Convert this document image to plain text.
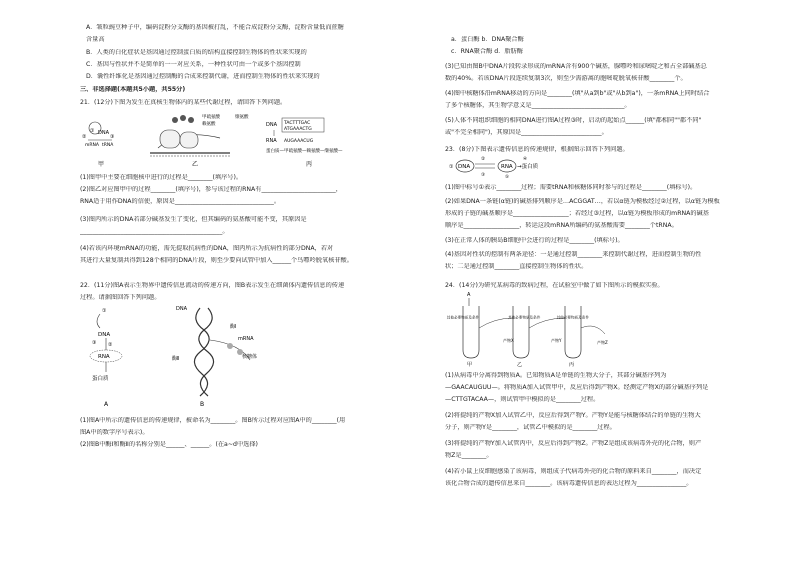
A．皱粒豌豆种子中，编码淀粉分支酶的基因被打乱，不能合成淀粉分支酶，淀粉含量低而蔗糖
含量高
B．人类的白化症状是基因通过控制蛋白质的结构直接控制生物体的性状来实现的
C．基因与性状并不是简单的一一对应关系，一种性状可由一个或多个基因控制
D．囊性纤维化是基因通过控制酶的合成来控制代谢，进而控制生物体的性状来实现的
三、非选择题(本题共5小题，共55分)
21．(12分)下图为发生在真核生物体内的某些代谢过程，请回答下列问题。
① DNA
mRNA tRNA
②	③
甲
甲硫氨酸
赖氨酸
缬氨酸
乙
DNA TACTTTGAC
ATGAAACTG
RNA AUGAAACUG
蛋白质—甲硫氨酸—赖氨酸—缬氨酸—
丙
(1)图甲中主要在细胞核中进行的过程是________(填序号)。
(2)图乙对应图甲中的过程________(填序号)，参与该过程的RNA有________________________，
RNA适于用作DNA的信使，原因是________________________________。
(3)图丙所示的DNA若部分碱基发生了变化，但其编码的氨基酸可能不变，其原因是
______________________________________________。
(4)若该内环境mRNA的功能，需先提取抗病性的DNA，图丙所示为抗病性的部分DNA，若对
其进行大量复制共得到128个相同的DNA片段，则至少要向试管中加入______个鸟嘌呤脱氧核苷酸。
22．(11分)图A表示生物界中遗传信息流动的传递方向，图B表示发生在细菌体内遗传信息的传递
过程。请据图回答下列问题。
①
DNA
②
③
RNA
蛋白质
A
DNA
酶Ⅰ
mRNA
核糖体
酶Ⅱ
B
(1)图A中所示的遗传信息的传递规律，被命名为________。图B所示过程对应图A中的________(用
图A中的数字序号表示)。
(2)图B中酶Ⅰ和酶Ⅱ的名称分别是______、______。(在a~d中选择)
a．蛋白酶 b．DNA聚合酶
c．RNA聚合酶 d．脂肪酶
(3)已知由图B中DNA片段转录形成的mRNA含有900个碱基，腺嘌呤和尿嘧啶之和占全部碱基总
数的40%。若该DNA片段连续复制3次，则至少需游离的胞嘧啶脱氧核苷酸________个。
(4)图中核糖体沿mRNA移动的方向是________(填"从a到b"或"从b到a")，一条mRNA上同时结合
了多个核糖体，其生物学意义是______________________________。
(5)人体不同组织细胞的相同DNA进行图A过程③时，启动的起始点______(填"都相同""都不同"
或"不完全相同")，其原因是__________________________。
23．(8分)下图表示遗传信息的传递规律，根据图示回答下列问题。
① DNA
②
③
RNA
④
→蛋白质
⑤
(1)图中标号①表示________过程；需要tRNA和核糖体同时参与的过程是________(填标号)。
(2)如果DNA一条链(α链)的碱基排列顺序是…ACGGAT…，若以α链为模板经过②过程，以α链为模板
形成的子链的碱基顺序是__________________；若经过③过程，以α链为模板形成的mRNA的碱基
顺序是__________________，转运这段mRNA所编码的氨基酸需要________个tRNA。
(3)在正常人体的胰岛B细胞中会进行的过程是________(填标号)。
(4)基因对性状的控制有两条途径：一是通过控制________来控制代谢过程，进而控制生物的性
状；二是通过控制________直接控制生物体的性状。
24．(14分)为研究某病毒的致病过程，在试验室中做了如下图所示的模拟实验。
A
其他必要物质及条件
产物X	产物Y	产物Z
其他必要物质及条件	其他必要物质及条件
甲	乙	丙
(1)从病毒中分离得到物质A。已知物质A是单链的生物大分子，其部分碱基序列为
—GAACAUGUU—。将物质A加入试管甲中，反应后得到产物X。经测定产物X的部分碱基序列是
—CTTGTACAA—，则试管甲中模拟的是________过程。
(2)将提纯的产物X加入试管乙中，反应后得到产物Y。产物Y是能与核糖体结合的单链的生物大
分子，则产物Y是________，试管乙中模拟的是________过程。
(3)将提纯的产物Y加入试管丙中，反应后得到产物Z。产物Z是组成该病毒外壳的化合物，则产
物Z是________。
(4)若小鼠上皮细胞感染了该病毒，则组成子代病毒外壳的化合物的原料来自________，而决定
该化合物合成的遗传信息来自________。该病毒遗传信息的表达过程为________________。
